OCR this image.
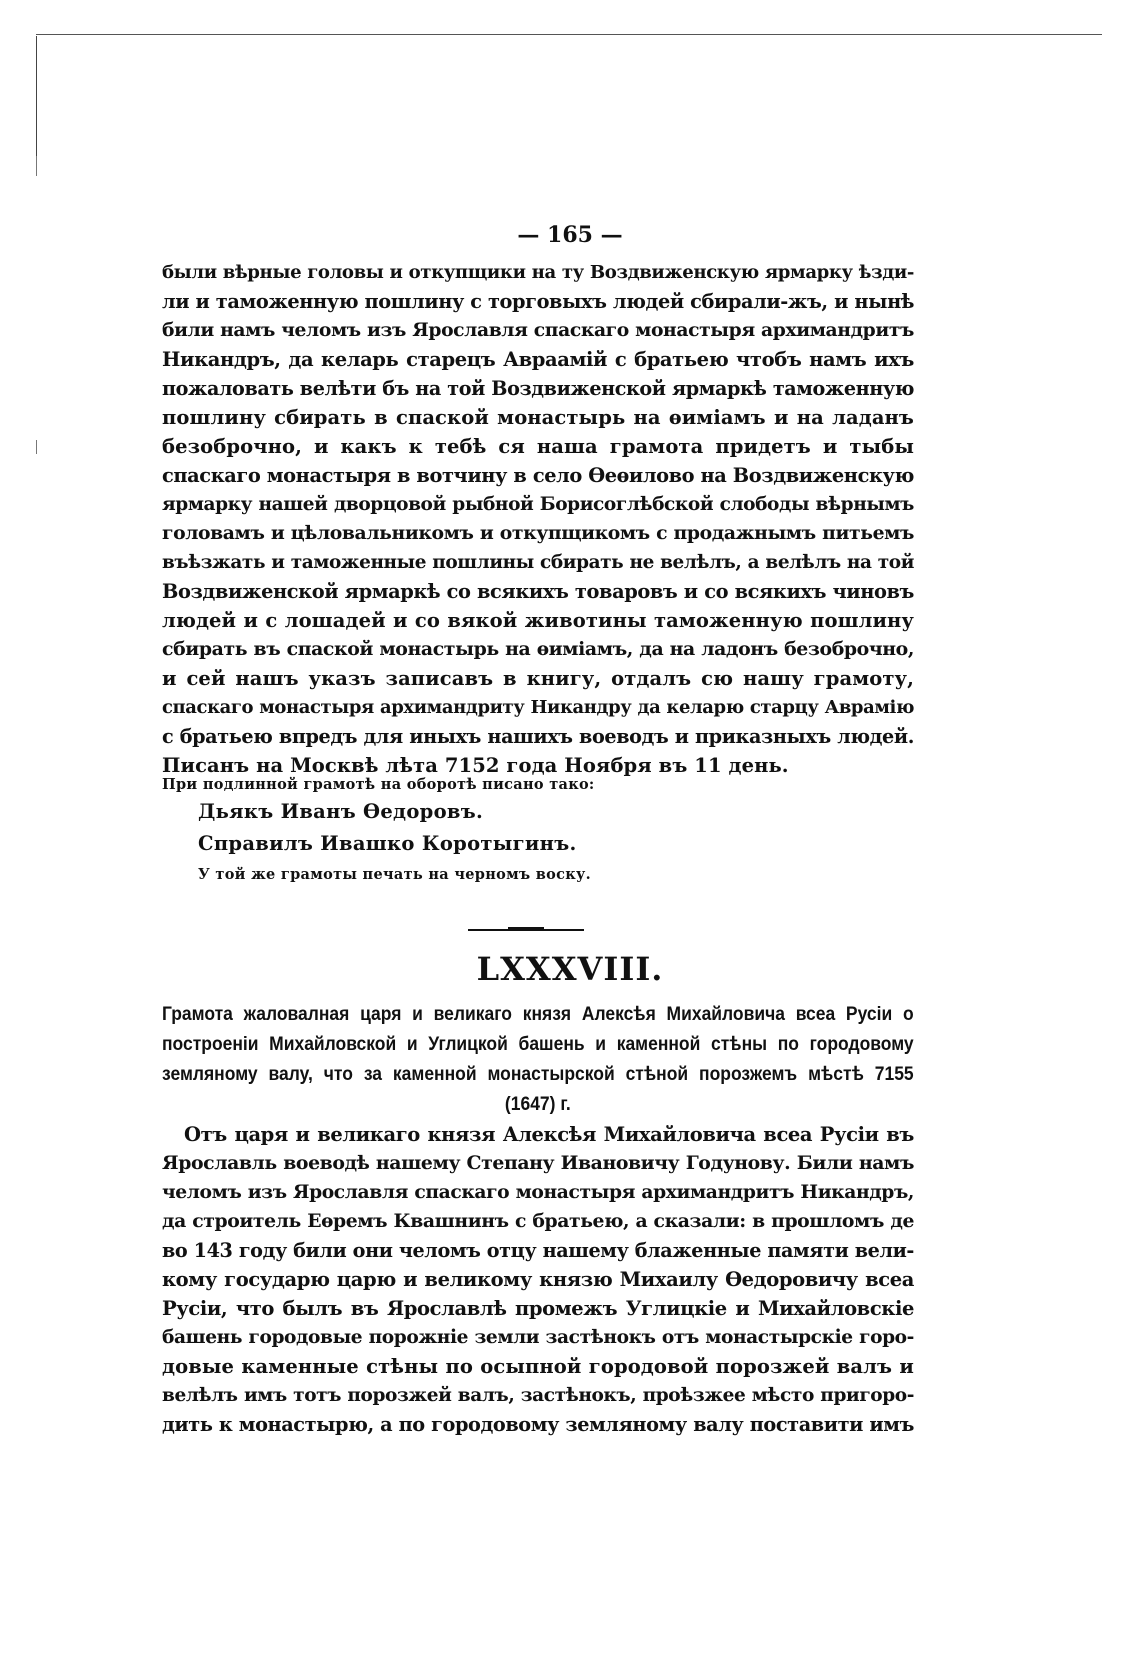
— 165 —
были вѣрные головы и откупщики на ту Воздвиженскую ярмарку ѣзди-
ли и таможенную пошлину с торговыхъ людей сбирали-жъ, и нынѣ
били намъ челомъ изъ Ярославля спаскаго монастыря архимандритъ
Никандръ, да келарь старецъ Авраамій с братьею чтобъ намъ ихъ
пожаловать велѣти бъ на той Воздвиженской ярмаркѣ таможенную
пошлину сбирать в спаской монастырь на ѳиміамъ и на ладанъ
безоброчно, и какъ к тебѣ ся наша грамота придетъ и тыбы
спаскаго монастыря в вотчину в село Ѳеѳилово на Воздвиженскую
ярмарку нашей дворцовой рыбной Борисоглѣбской слободы вѣрнымъ
головамъ и цѣловальникомъ и откупщикомъ с продажнымъ питьемъ
въѣзжать и таможенные пошлины сбирать не велѣлъ, а велѣлъ на той
Воздвиженской ярмаркѣ со всякихъ товаровъ и со всякихъ чиновъ
людей и с лошадей и со вякой животины таможенную пошлину
сбирать въ спаской монастырь на ѳиміамъ, да на ладонъ безоброчно,
и сей нашъ указъ записавъ в книгу, отдалъ сю нашу грамоту,
спаскаго монастыря архимандриту Никандру да келарю старцу Аврамію
с братьею впредъ для иныхъ нашихъ воеводъ и приказныхъ людей.
Писанъ на Москвѣ лѣта 7152 года Ноября въ 11 день.
При подлинной грамотѣ на оборотѣ писано тако:
Дьякъ Иванъ Ѳедоровъ.
Справилъ Ивашко Коротыгинъ.
У той же грамоты печать на черномъ воску.
LXXXVIII.
Грамота жаловалная царя и великаго князя Алексѣя Михайловича всеа Русіи о
построеніи Михайловской и Углицкой башень и каменной стѣны по городовому
земляному валу, что за каменной монастырской стѣной порозжемъ мѣстѣ 7155
(1647) г.
Отъ царя и великаго князя Алексѣя Михайловича всеа Русіи въ
Ярославль воеводѣ нашему Степану Ивановичу Годунову. Били намъ
челомъ изъ Ярославля спаскаго монастыря архимандритъ Никандръ,
да строитель Еѳремъ Квашнинъ с братьею, а сказали: в прошломъ де
во 143 году били они челомъ отцу нашему блаженные памяти вели-
кому государю царю и великому князю Михаилу Ѳедоровичу всеа
Русіи, что былъ въ Ярославлѣ промежъ Углицкіе и Михайловскіе
башень городовые порожніе земли застѣнокъ отъ монастырскіе горо-
довые каменные стѣны по осыпной городовой порозжей валъ и
велѣлъ имъ тотъ порозжей валъ, застѣнокъ, проѣзжее мѣсто пригоро-
дить к монастырю, а по городовому земляному валу поставити имъ
